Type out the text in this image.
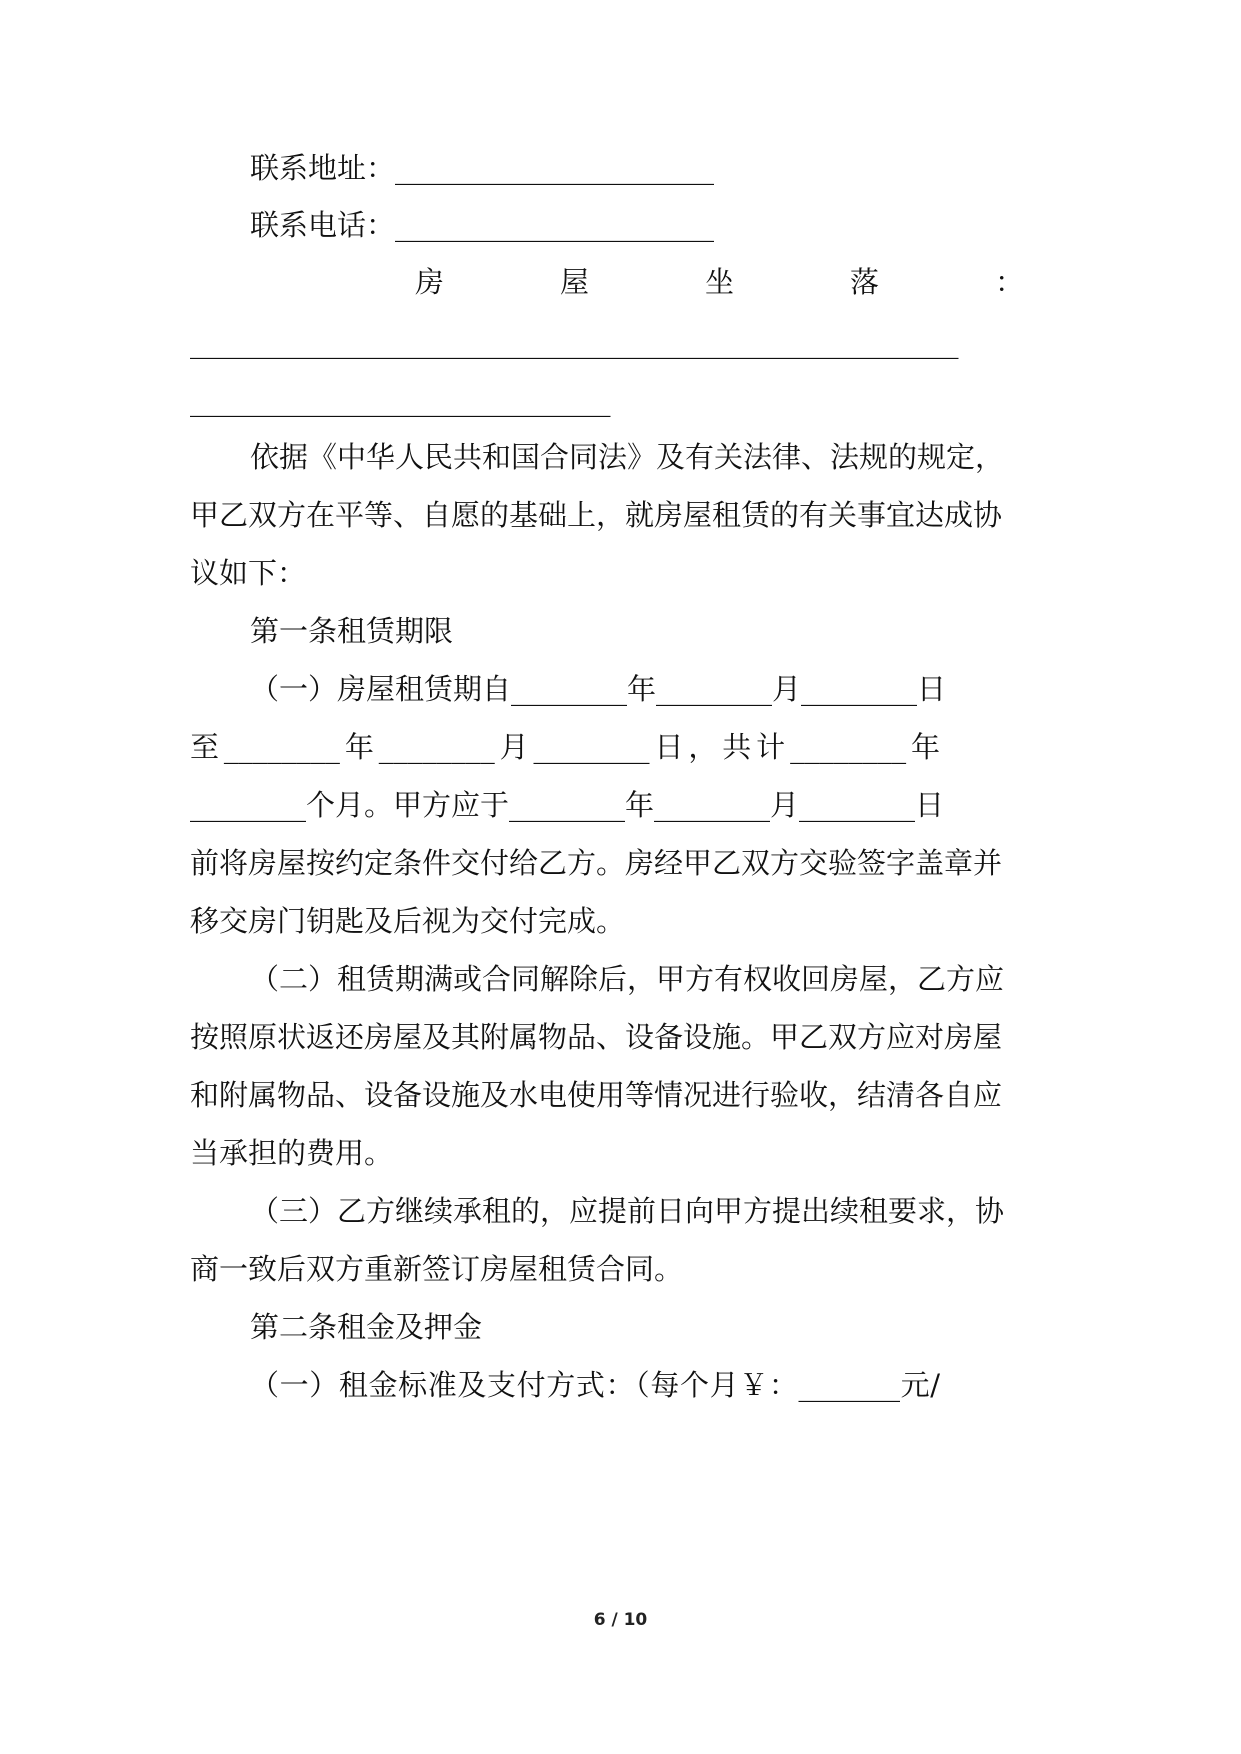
联系地址：______________________
联系电话：______________________
房　　　　屋　　　　坐　　　　落　　　　：
_____________________________________________________
_____________________________
依据《中华人民共和国合同法》及有关法律、法规的规定，
甲乙双方在平等、自愿的基础上，就房屋租赁的有关事宜达成协
议如下：
第一条租赁期限
（一）房屋租赁期自________年________月________日
至________年________月________日，共计________年
________个月。甲方应于________年________月________日
前将房屋按约定条件交付给乙方。房经甲乙双方交验签字盖章并
移交房门钥匙及后视为交付完成。
（二）租赁期满或合同解除后，甲方有权收回房屋，乙方应
按照原状返还房屋及其附属物品、设备设施。甲乙双方应对房屋
和附属物品、设备设施及水电使用等情况进行验收，结清各自应
当承担的费用。
（三）乙方继续承租的，应提前日向甲方提出续租要求，协
商一致后双方重新签订房屋租赁合同。
第二条租金及押金
（一）租金标准及支付方式：（每个月￥：_______元/
6 / 10
